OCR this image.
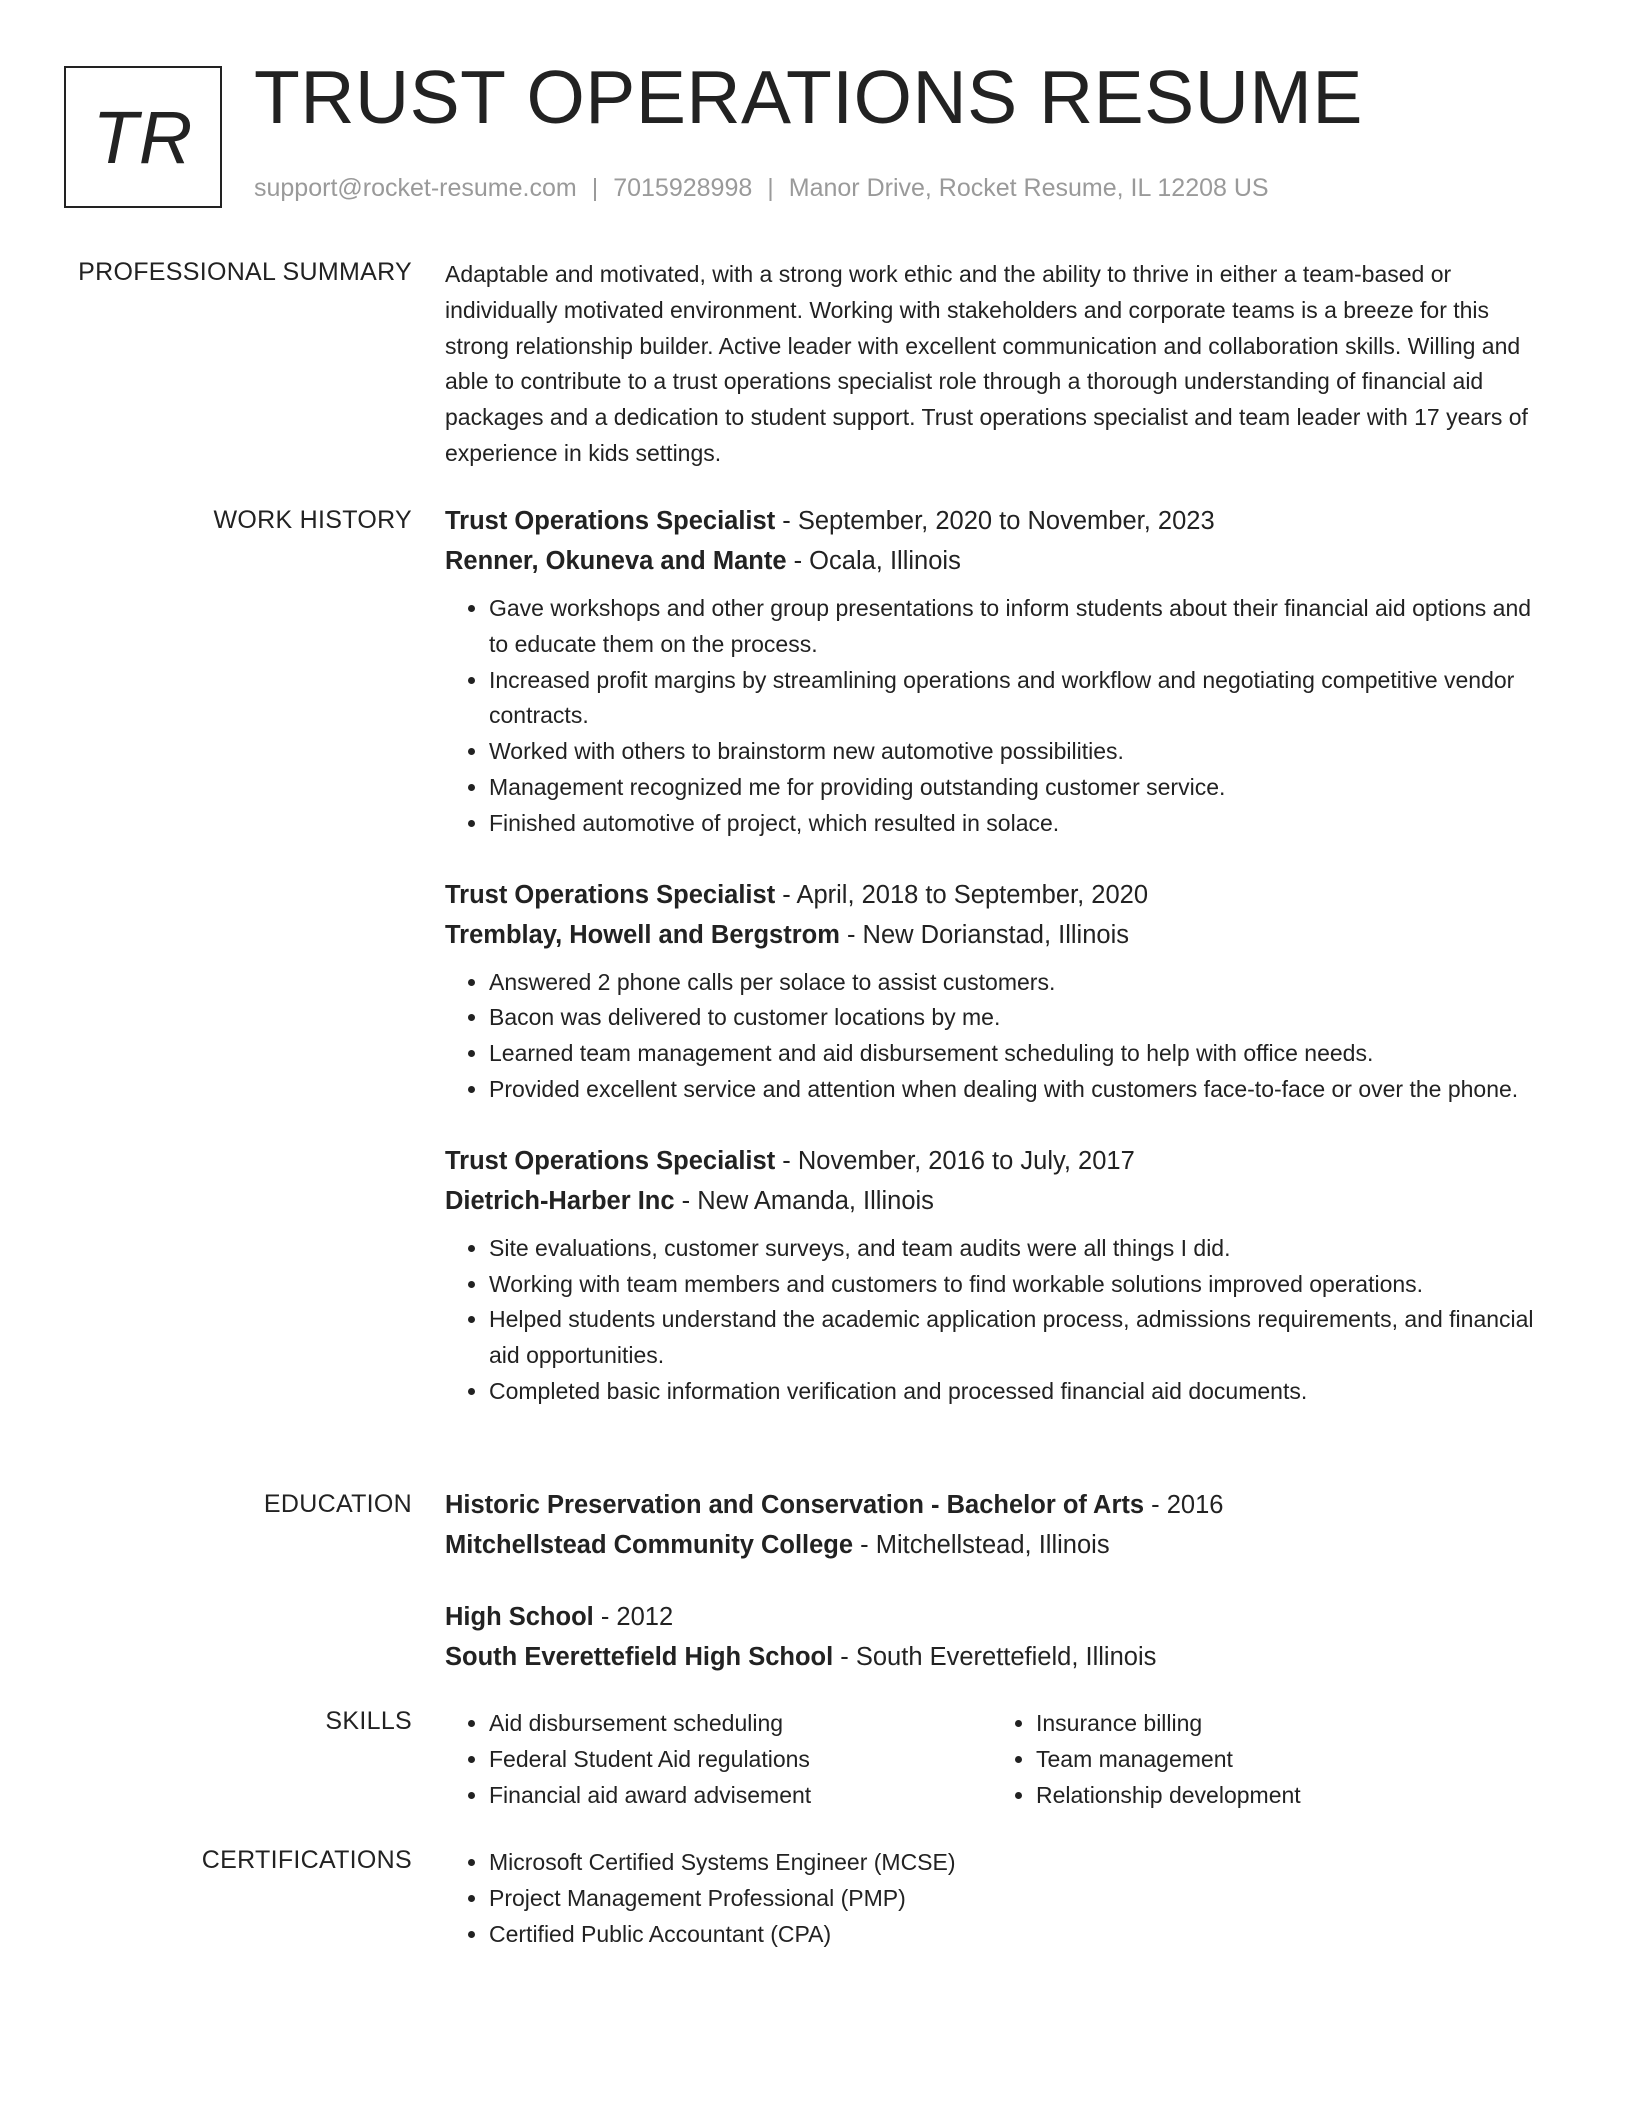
TR TRUST OPERATIONS RESUME
support@rocket-resume.com | 7015928998 | Manor Drive, Rocket Resume, IL 12208 US
PROFESSIONAL SUMMARY Adaptable and motivated, with a strong work ethic and the ability to thrive in either a team-based or individually motivated environment. Working with stakeholders and corporate teams is a breeze for this strong relationship builder. Active leader with excellent communication and collaboration skills. Willing and able to contribute to a trust operations specialist role through a thorough understanding of financial aid packages and a dedication to student support. Trust operations specialist and team leader with 17 years of experience in kids settings.

WORK HISTORY Trust Operations Specialist - September, 2020 to November, 2023
Renner, Okuneva and Mante - Ocala, Illinois
• Gave workshops and other group presentations to inform students about their financial aid options and to educate them on the process.
• Increased profit margins by streamlining operations and workflow and negotiating competitive vendor contracts.
• Worked with others to brainstorm new automotive possibilities.
• Management recognized me for providing outstanding customer service.
• Finished automotive of project, which resulted in solace.
Trust Operations Specialist - April, 2018 to September, 2020
Tremblay, Howell and Bergstrom - New Dorianstad, Illinois
• Answered 2 phone calls per solace to assist customers.
• Bacon was delivered to customer locations by me.
• Learned team management and aid disbursement scheduling to help with office needs.
• Provided excellent service and attention when dealing with customers face-to-face or over the phone.
Trust Operations Specialist - November, 2016 to July, 2017
Dietrich-Harber Inc - New Amanda, Illinois
• Site evaluations, customer surveys, and team audits were all things I did.
• Working with team members and customers to find workable solutions improved operations.
• Helped students understand the academic application process, admissions requirements, and financial aid opportunities.
• Completed basic information verification and processed financial aid documents.
EDUCATION Historic Preservation and Conservation - Bachelor of Arts - 2016
Mitchellstead Community College - Mitchellstead, Illinois
High School - 2012
South Everettefield High School - South Everettefield, Illinois
SKILLS	• Aid disbursement scheduling
• Federal Student Aid regulations
• Financial aid award advisement
• Insurance billing
• Team management
• Relationship development
CERTIFICATIONS	• Microsoft Certified Systems Engineer (MCSE)
• Project Management Professional (PMP)
• Certified Public Accountant (CPA)
